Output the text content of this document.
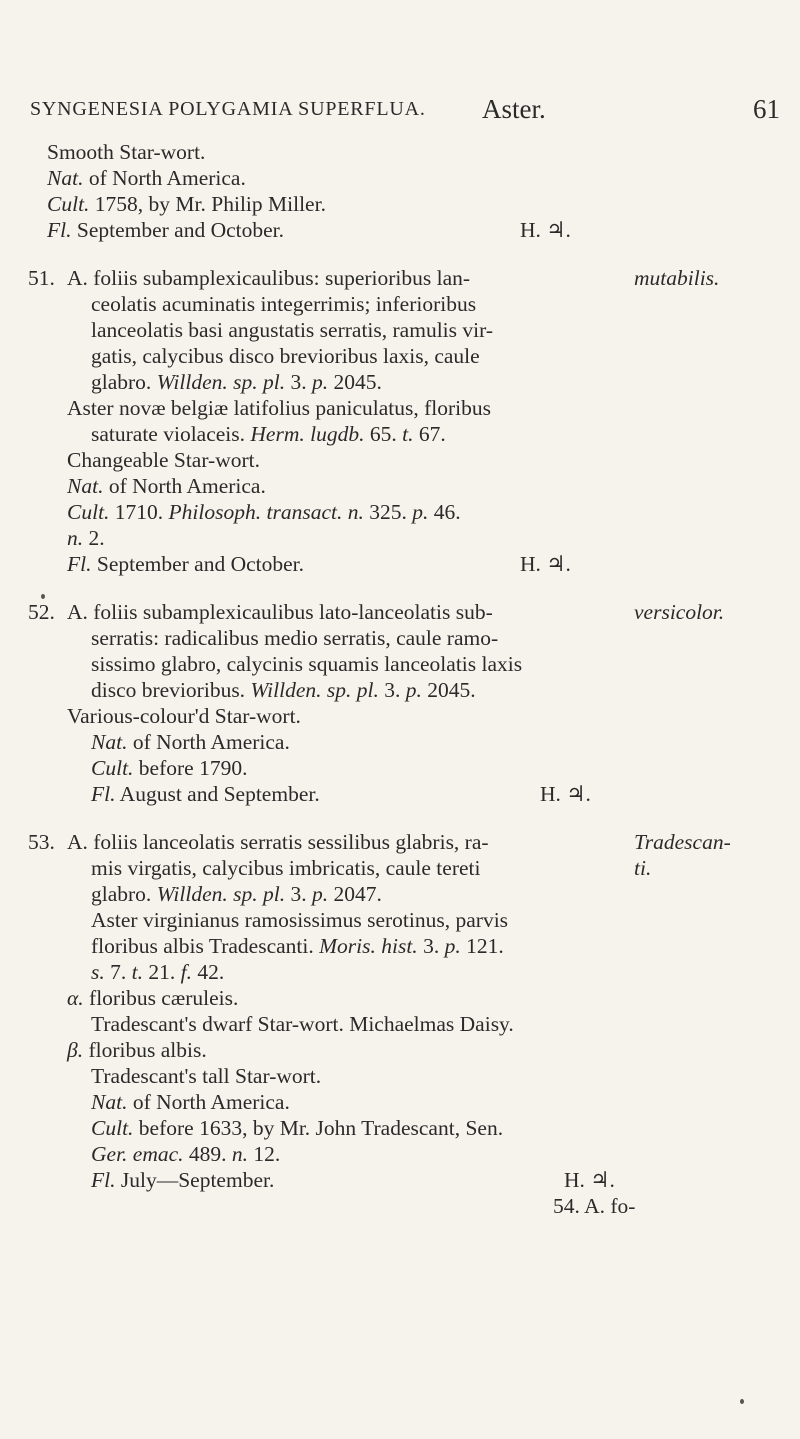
SYNGENESIA POLYGAMIA SUPERFLUA. Aster.	61
Smooth Star-wort.
Nat. of North America.
Cult. 1758, by Mr. Philip Miller.
Fl. September and October.	H. ♃.
51. A. foliis subamplexicaulibus: superioribus lan-	mutabilis.
ceolatis acuminatis integerrimis; inferioribus
lanceolatis basi angustatis serratis, ramulis vir-
gatis, calycibus disco brevioribus laxis, caule
glabro. Willden. sp. pl. 3. p. 2045.
Aster novæ belgiæ latifolius paniculatus, floribus
saturate violaceis. Herm. lugdb. 65. t. 67.
Changeable Star-wort.
Nat. of North America.
Cult. 1710. Philosoph. transact. n. 325. p. 46.
n. 2.
Fl. September and October.	H. ♃.
52. A. foliis subamplexicaulibus lato-lanceolatis sub-	versicolor.
serratis: radicalibus medio serratis, caule ramo-
sissimo glabro, calycinis squamis lanceolatis laxis
disco brevioribus. Willden. sp. pl. 3. p. 2045.
Various-colour'd Star-wort.
Nat. of North America.
Cult. before 1790.
Fl. August and September.	H. ♃.
53. A. foliis lanceolatis serratis sessilibus glabris, ra-	Tradescan-
mis virgatis, calycibus imbricatis, caule tereti	ti.
glabro. Willden. sp. pl. 3. p. 2047.
Aster virginianus ramosissimus serotinus, parvis
floribus albis Tradescanti. Moris. hist. 3. p. 121.
s. 7. t. 21. f. 42.
α. floribus cæruleis.
Tradescant's dwarf Star-wort. Michaelmas Daisy.
β. floribus albis.
Tradescant's tall Star-wort.
Nat. of North America.
Cult. before 1633, by Mr. John Tradescant, Sen.
Ger. emac. 489. n. 12.
Fl. July—September.	H. ♃.
54. A. fo-
